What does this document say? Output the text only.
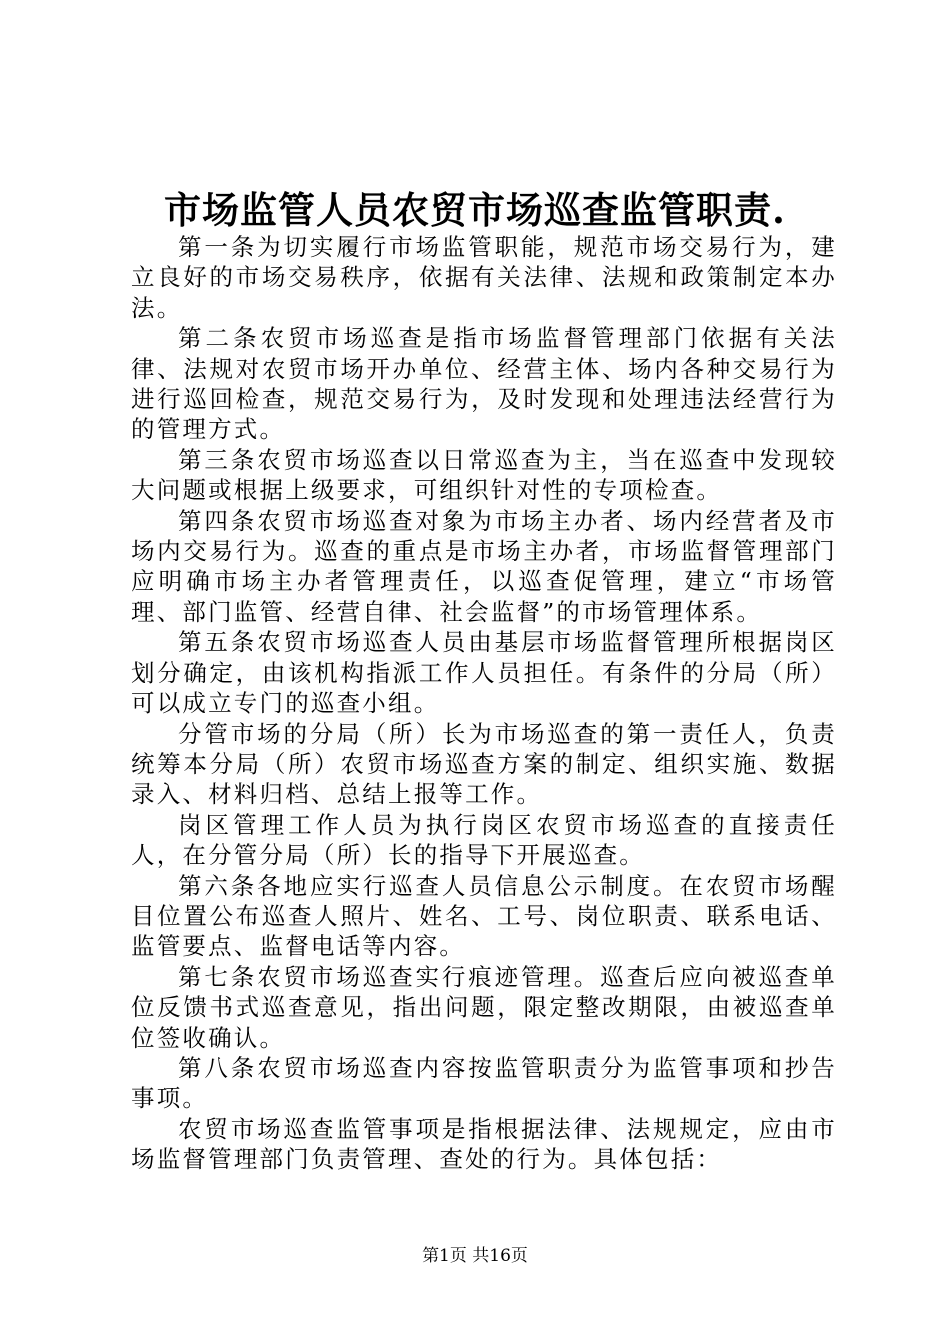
市场监管人员农贸市场巡查监管职责.

第一条为切实履行市场监管职能，规范市场交易行为，建立良好的市场交易秩序，依据有关法律、法规和政策制定本办法。

第二条农贸市场巡查是指市场监督管理部门依据有关法律、法规对农贸市场开办单位、经营主体、场内各种交易行为进行巡回检查，规范交易行为，及时发现和处理违法经营行为的管理方式。

第三条农贸市场巡查以日常巡查为主，当在巡查中发现较大问题或根据上级要求，可组织针对性的专项检查。

第四条农贸市场巡查对象为市场主办者、场内经营者及市场内交易行为。巡查的重点是市场主办者，市场监督管理部门应明确市场主办者管理责任，以巡查促管理，建立“市场管理、部门监管、经营自律、社会监督”的市场管理体系。

第五条农贸市场巡查人员由基层市场监督管理所根据岗区划分确定，由该机构指派工作人员担任。有条件的分局（所）可以成立专门的巡查小组。

分管市场的分局（所）长为市场巡查的第一责任人，负责统筹本分局（所）农贸市场巡查方案的制定、组织实施、数据录入、材料归档、总结上报等工作。

岗区管理工作人员为执行岗区农贸市场巡查的直接责任人，在分管分局（所）长的指导下开展巡查。

第六条各地应实行巡查人员信息公示制度。在农贸市场醒目位置公布巡查人照片、姓名、工号、岗位职责、联系电话、监管要点、监督电话等内容。

第七条农贸市场巡查实行痕迹管理。巡查后应向被巡查单位反馈书式巡查意见，指出问题，限定整改期限，由被巡查单位签收确认。

第八条农贸市场巡查内容按监管职责分为监管事项和抄告事项。

农贸市场巡查监管事项是指根据法律、法规规定，应由市场监督管理部门负责管理、查处的行为。具体包括：

第1页 共16页
